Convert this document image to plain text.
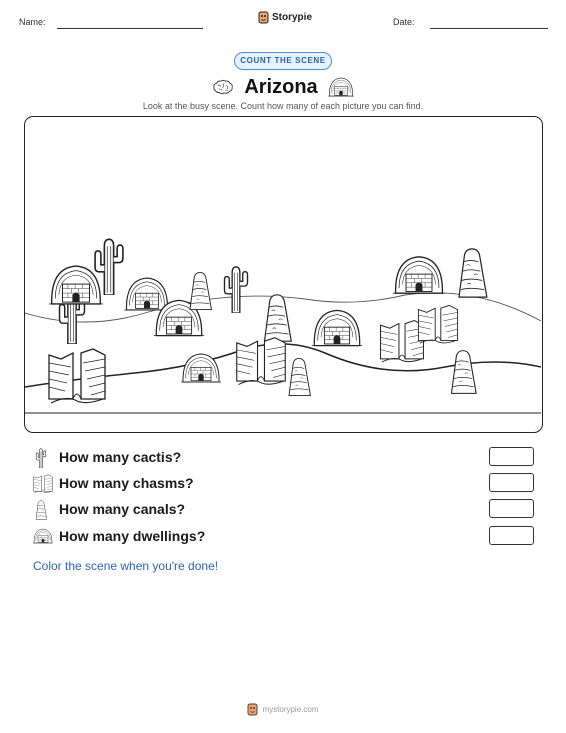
Name:	Storypie	Date:
COUNT THE SCENE
Arizona
Look at the busy scene. Count how many of each picture you can find.
How many cactis?
How many chasms?
How many canals?
How many dwellings?
Color the scene when you're done!
mystorypie.com
